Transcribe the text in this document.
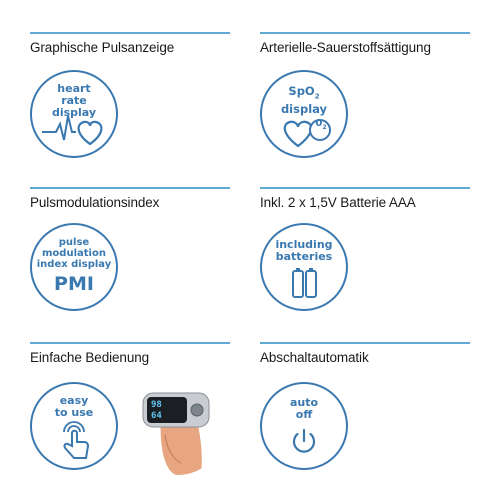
Graphische Pulsanzeige
heart
rate
display
Arterielle-Sauerstoffsättigung
SpO$_2$
display
$0_2$
Pulsmodulationsindex
pulse
modulation
index display
PMI
Inkl. 2 x 1,5V Batterie AAA
including
batteries
Einfache Bedienung
easy
to use
98
64
Abschaltautomatik
auto
off
